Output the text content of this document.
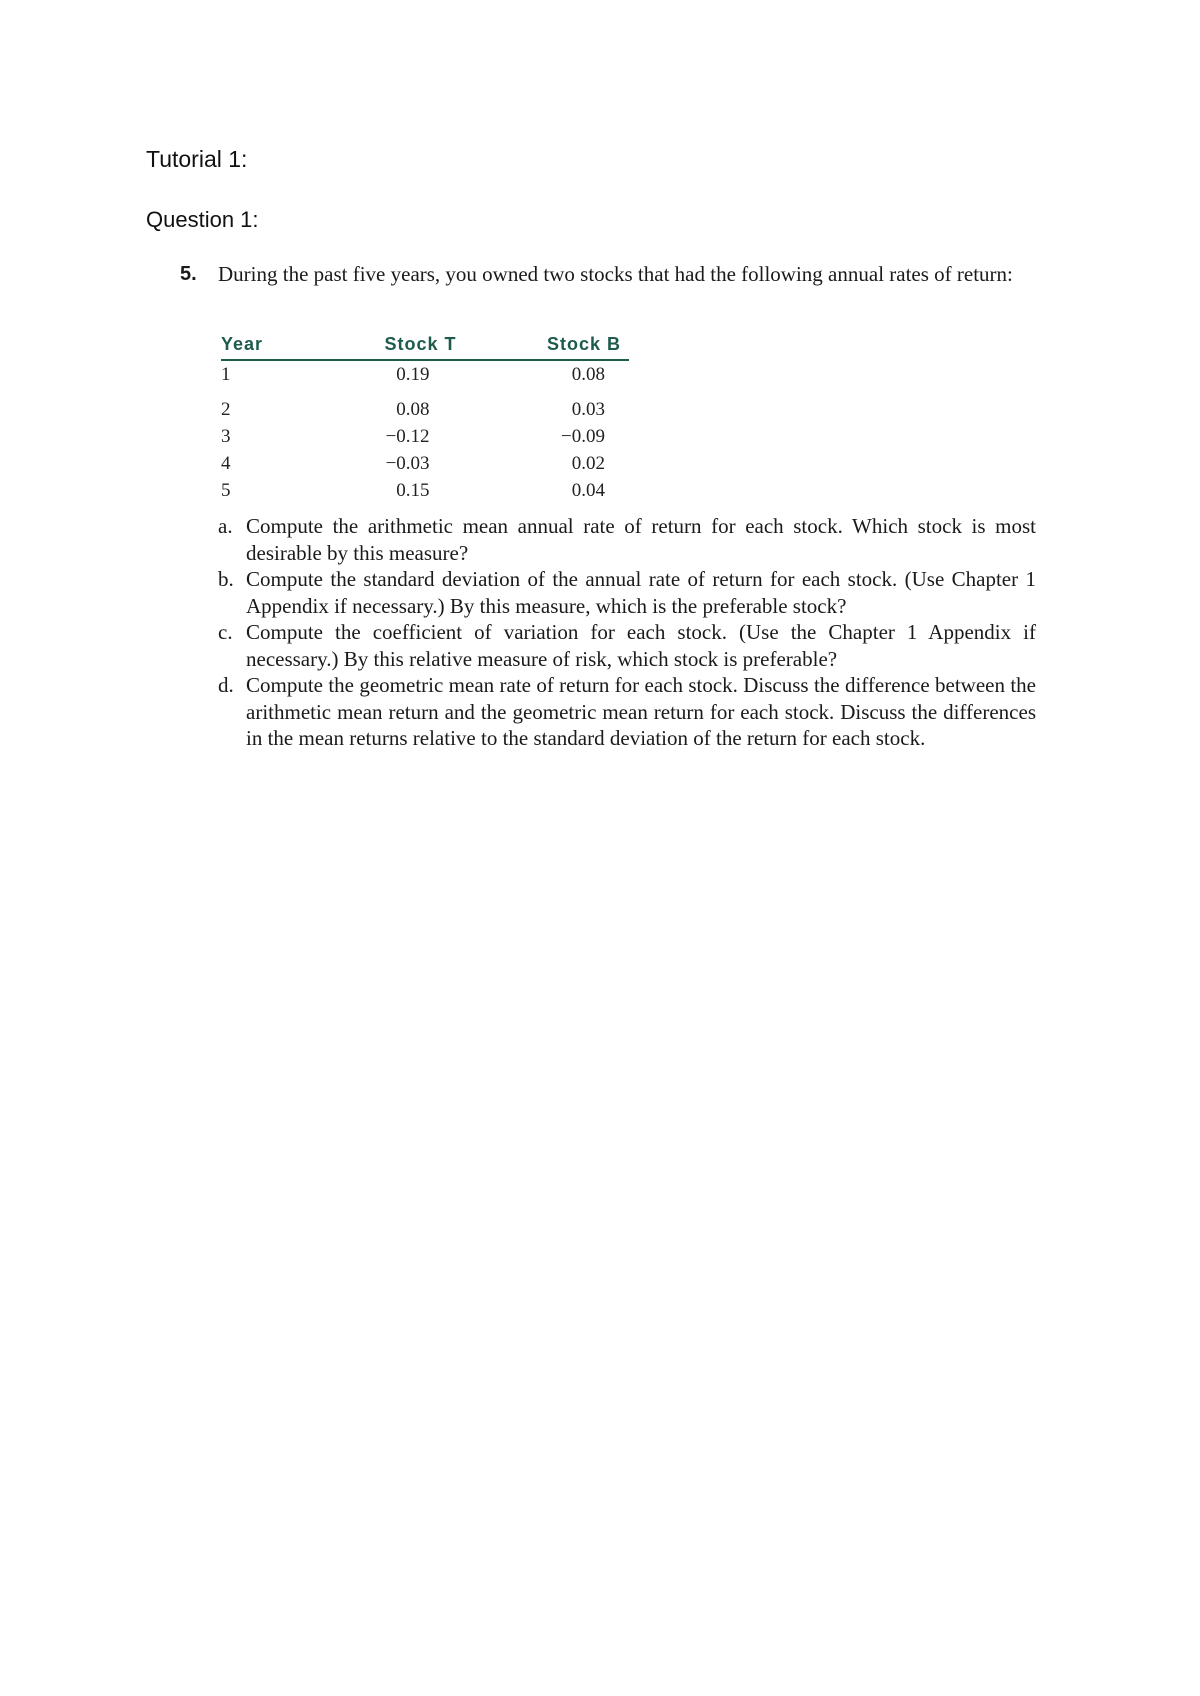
Tutorial 1:
Question 1:
5. During the past five years, you owned two stocks that had the following annual rates of return:
Year	Stock T	Stock B
1	0.19	0.08
2	0.08	0.03
3	−0.12	−0.09
4	−0.03	0.02
5	0.15	0.04
a. Compute the arithmetic mean annual rate of return for each stock. Which stock is most desirable by this measure?
b. Compute the standard deviation of the annual rate of return for each stock. (Use Chapter 1 Appendix if necessary.) By this measure, which is the preferable stock?
c. Compute the coefficient of variation for each stock. (Use the Chapter 1 Appendix if necessary.) By this relative measure of risk, which stock is preferable?
d. Compute the geometric mean rate of return for each stock. Discuss the difference between the arithmetic mean return and the geometric mean return for each stock. Discuss the differences in the mean returns relative to the standard deviation of the return for each stock.
